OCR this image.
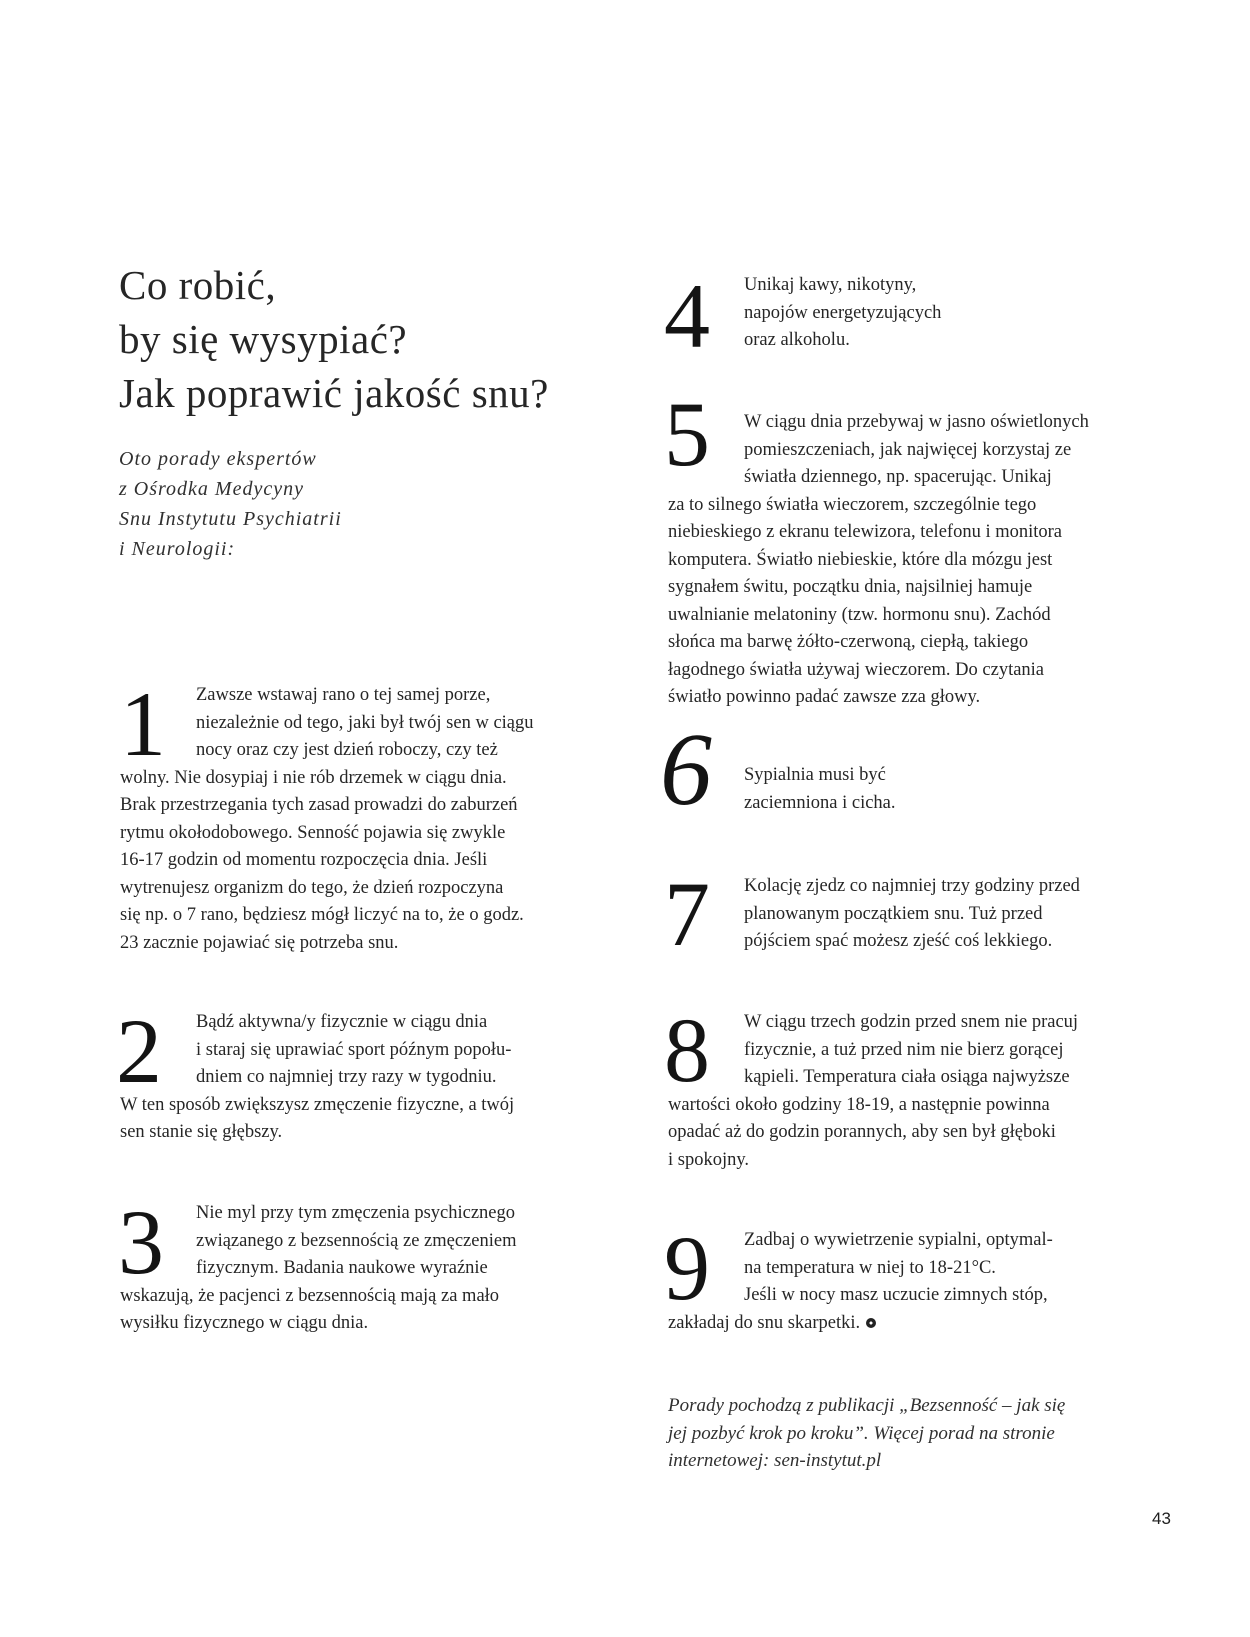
Co robić,
by się wysypiać?
Jak poprawić jakość snu?
Oto porady ekspertów
z Ośrodka Medycyny
Snu Instytutu Psychiatrii
i Neurologii:
1	Zawsze wstawaj rano o tej samej porze,
niezależnie od tego, jaki był twój sen w ciągu
nocy oraz czy jest dzień roboczy, czy też
wolny. Nie dosypiaj i nie rób drzemek w ciągu dnia.
Brak przestrzegania tych zasad prowadzi do zaburzeń
rytmu okołodobowego. Senność pojawia się zwykle
16-17 godzin od momentu rozpoczęcia dnia. Jeśli
wytrenujesz organizm do tego, że dzień rozpoczyna
się np. o 7 rano, będziesz mógł liczyć na to, że o godz.
23 zacznie pojawiać się potrzeba snu.
2	Bądź aktywna/y fizycznie w ciągu dnia
i staraj się uprawiać sport późnym popołu-
dniem co najmniej trzy razy w tygodniu.
W ten sposób zwiększysz zmęczenie fizyczne, a twój
sen stanie się głębszy.
3	Nie myl przy tym zmęczenia psychicznego
związanego z bezsennością ze zmęczeniem
fizycznym. Badania naukowe wyraźnie
wskazują, że pacjenci z bezsennością mają za mało
wysiłku fizycznego w ciągu dnia.
4	Unikaj kawy, nikotyny,
napojów energetyzujących
oraz alkoholu.
5	W ciągu dnia przebywaj w jasno oświetlonych
pomieszczeniach, jak najwięcej korzystaj ze
światła dziennego, np. spacerując. Unikaj
za to silnego światła wieczorem, szczególnie tego
niebieskiego z ekranu telewizora, telefonu i monitora
komputera. Światło niebieskie, które dla mózgu jest
sygnałem świtu, początku dnia, najsilniej hamuje
uwalnianie melatoniny (tzw. hormonu snu). Zachód
słońca ma barwę żółto-czerwoną, ciepłą, takiego
łagodnego światła używaj wieczorem. Do czytania
światło powinno padać zawsze zza głowy.
6	Sypialnia musi być
zaciemniona i cicha.
7	Kolację zjedz co najmniej trzy godziny przed
planowanym początkiem snu. Tuż przed
pójściem spać możesz zjeść coś lekkiego.
8	W ciągu trzech godzin przed snem nie pracuj
fizycznie, a tuż przed nim nie bierz gorącej
kąpieli. Temperatura ciała osiąga najwyższe
wartości około godziny 18-19, a następnie powinna
opadać aż do godzin porannych, aby sen był głęboki
i spokojny.
9	Zadbaj o wywietrzenie sypialni, optymal-
na temperatura w niej to 18-21°C.
Jeśli w nocy masz uczucie zimnych stóp,
zakładaj do snu skarpetki.
Porady pochodzą z publikacji „Bezsenność – jak się
jej pozbyć krok po kroku”. Więcej porad na stronie
internetowej: sen-instytut.pl
43
